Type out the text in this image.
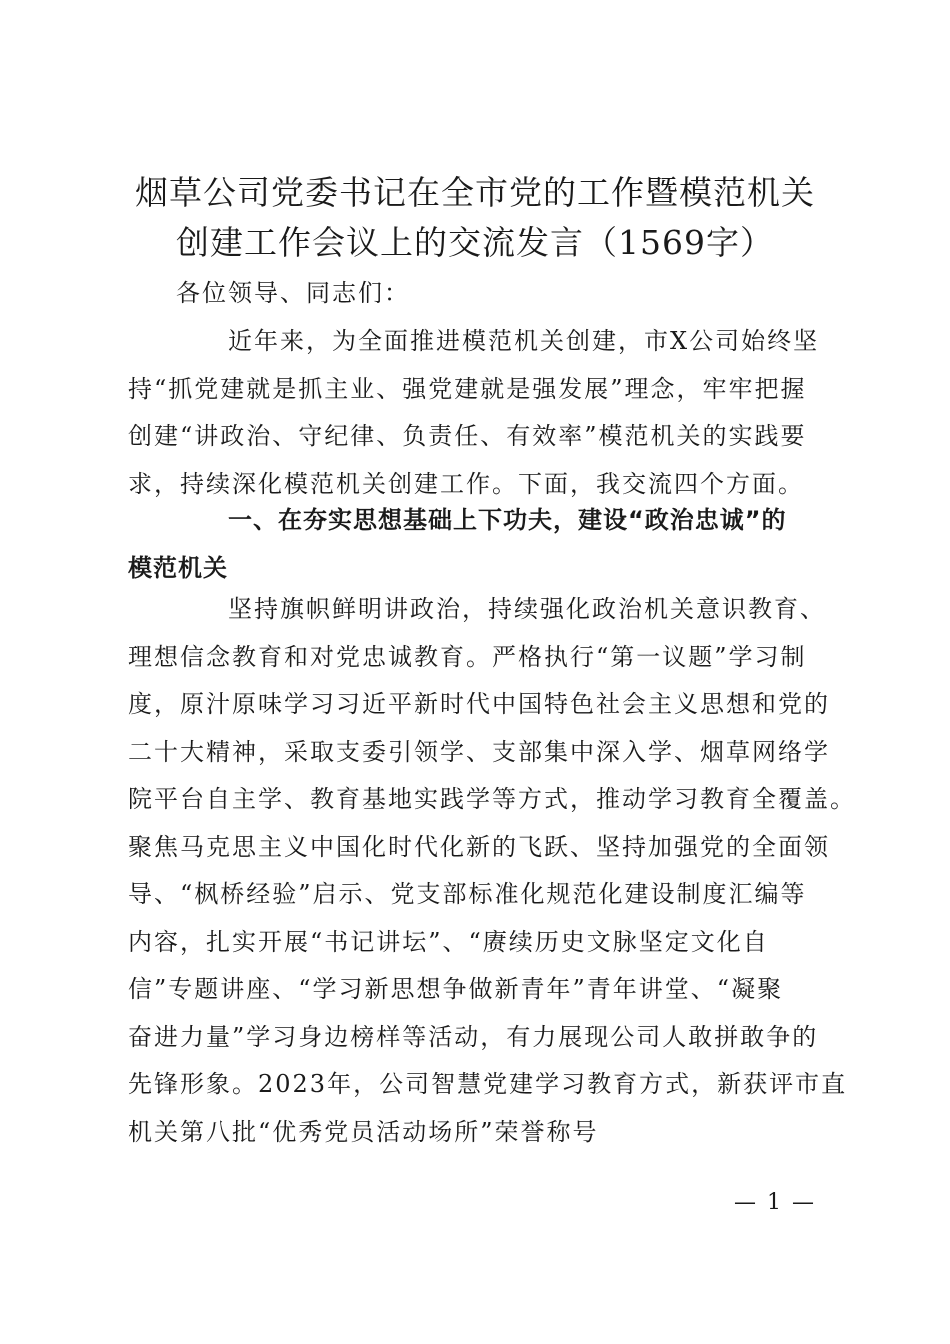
烟草公司党委书记在全市党的工作暨模范机关
创建工作会议上的交流发言（1569字）
各位领导、同志们：
近年来，为全面推进模范机关创建，市X公司始终坚
持“抓党建就是抓主业、强党建就是强发展”理念，牢牢把握
创建“讲政治、守纪律、负责任、有效率”模范机关的实践要
求，持续深化模范机关创建工作。下面，我交流四个方面。
一、在夯实思想基础上下功夫，建设“政治忠诚”的
模范机关
坚持旗帜鲜明讲政治，持续强化政治机关意识教育、
理想信念教育和对党忠诚教育。严格执行“第一议题”学习制
度，原汁原味学习习近平新时代中国特色社会主义思想和党的
二十大精神，采取支委引领学、支部集中深入学、烟草网络学
院平台自主学、教育基地实践学等方式，推动学习教育全覆盖。
聚焦马克思主义中国化时代化新的飞跃、坚持加强党的全面领
导、“枫桥经验”启示、党支部标准化规范化建设制度汇编等
内容，扎实开展“书记讲坛”、“赓续历史文脉坚定文化自
信”专题讲座、“学习新思想争做新青年”青年讲堂、“凝聚
奋进力量”学习身边榜样等活动，有力展现公司人敢拼敢争的
先锋形象。2023年，公司智慧党建学习教育方式，新获评市直
机关第八批“优秀党员活动场所”荣誉称号
— 1 —
